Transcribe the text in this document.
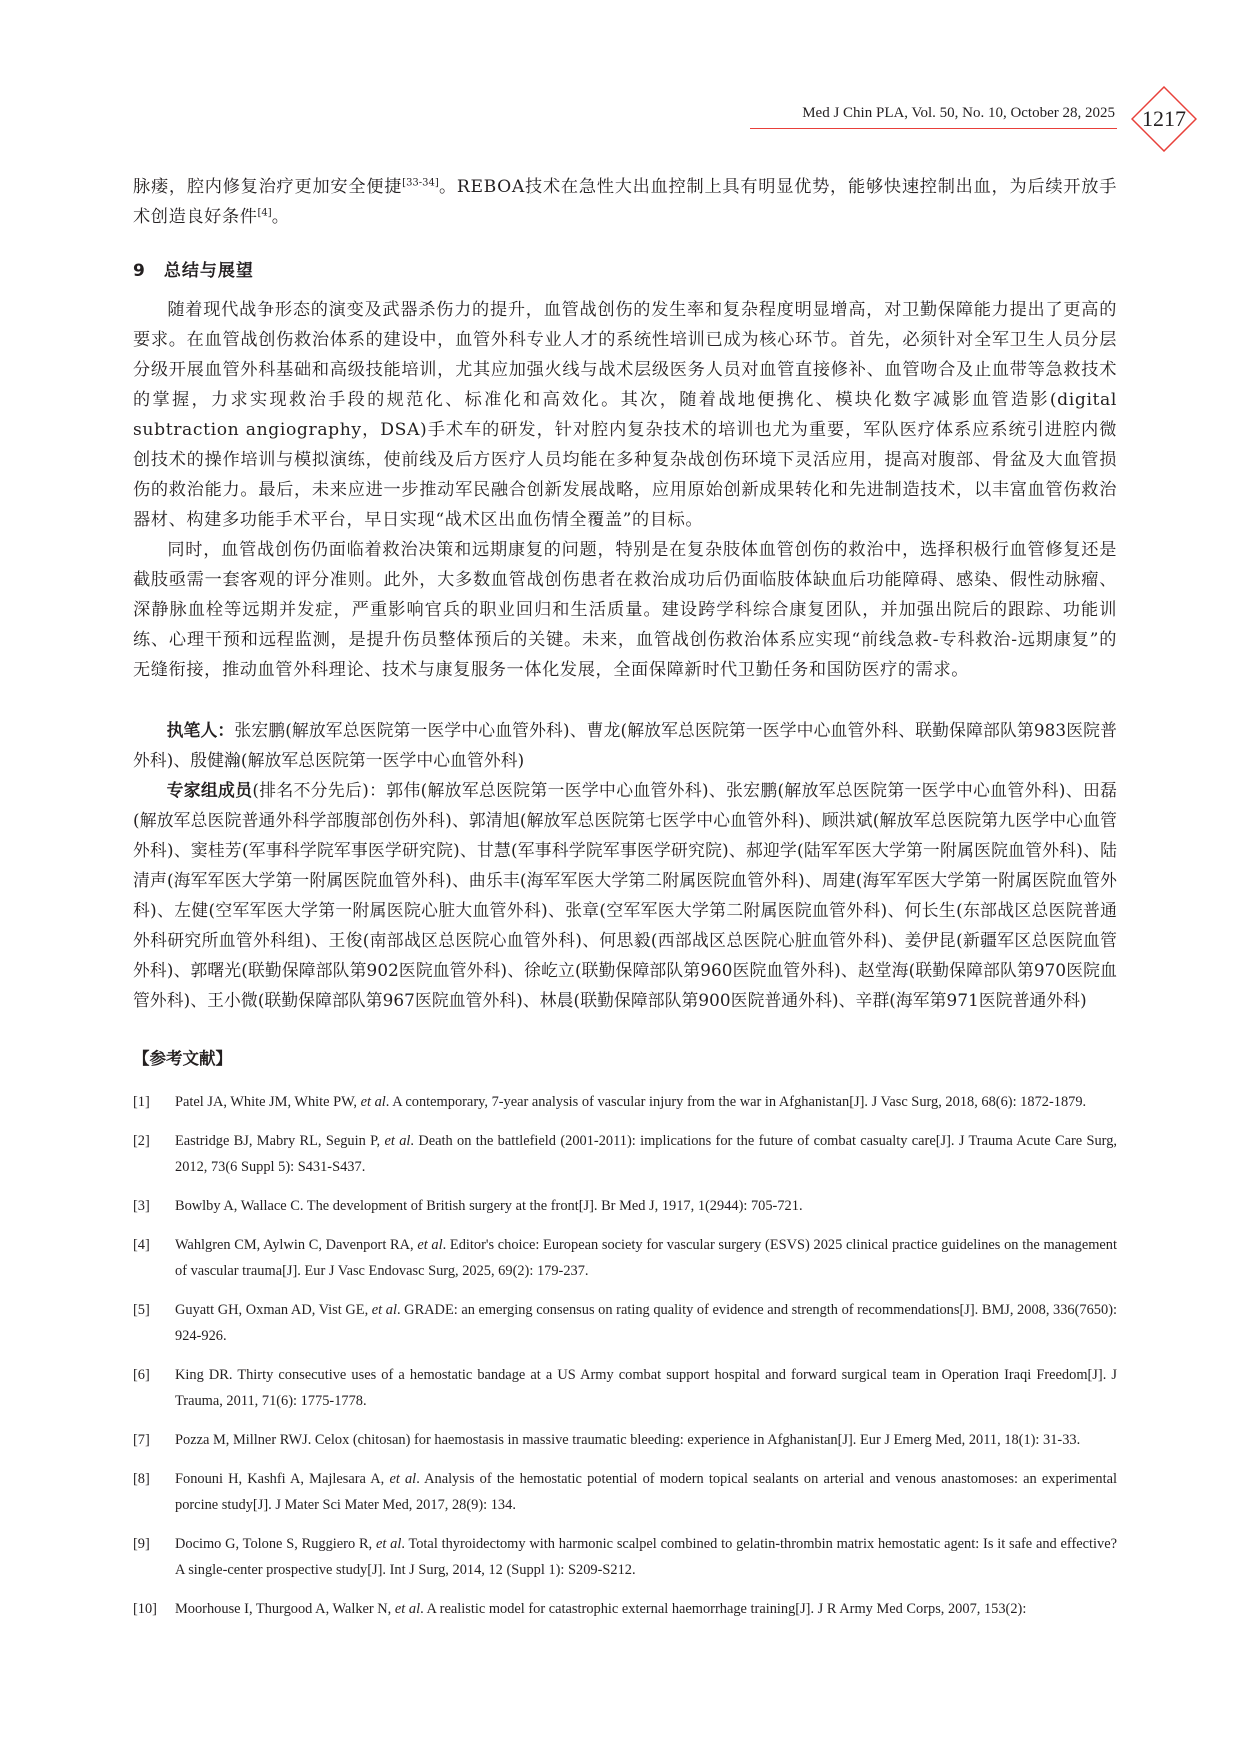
Med J Chin PLA, Vol. 50, No. 10, October 28, 2025	1217

脉瘘，腔内修复治疗更加安全便捷[33-34]。REBOA技术在急性大出血控制上具有明显优势，能够快速控制出血，为后续开放手术创造良好条件[4]。

9　总结与展望

随着现代战争形态的演变及武器杀伤力的提升，血管战创伤的发生率和复杂程度明显增高，对卫勤保障能力提出了更高的要求。在血管战创伤救治体系的建设中，血管外科专业人才的系统性培训已成为核心环节。首先，必须针对全军卫生人员分层分级开展血管外科基础和高级技能培训，尤其应加强火线与战术层级医务人员对血管直接修补、血管吻合及止血带等急救技术的掌握，力求实现救治手段的规范化、标准化和高效化。其次，随着战地便携化、模块化数字减影血管造影(digital subtraction angiography，DSA)手术车的研发，针对腔内复杂技术的培训也尤为重要，军队医疗体系应系统引进腔内微创技术的操作培训与模拟演练，使前线及后方医疗人员均能在多种复杂战创伤环境下灵活应用，提高对腹部、骨盆及大血管损伤的救治能力。最后，未来应进一步推动军民融合创新发展战略，应用原始创新成果转化和先进制造技术，以丰富血管伤救治器材、构建多功能手术平台，早日实现“战术区出血伤情全覆盖”的目标。

同时，血管战创伤仍面临着救治决策和远期康复的问题，特别是在复杂肢体血管创伤的救治中，选择积极行血管修复还是截肢亟需一套客观的评分准则。此外，大多数血管战创伤患者在救治成功后仍面临肢体缺血后功能障碍、感染、假性动脉瘤、深静脉血栓等远期并发症，严重影响官兵的职业回归和生活质量。建设跨学科综合康复团队，并加强出院后的跟踪、功能训练、心理干预和远程监测，是提升伤员整体预后的关键。未来，血管战创伤救治体系应实现“前线急救-专科救治-远期康复”的无缝衔接，推动血管外科理论、技术与康复服务一体化发展，全面保障新时代卫勤任务和国防医疗的需求。

执笔人：张宏鹏(解放军总医院第一医学中心血管外科)、曹龙(解放军总医院第一医学中心血管外科、联勤保障部队第983医院普外科)、殷健瀚(解放军总医院第一医学中心血管外科)

专家组成员(排名不分先后)：郭伟(解放军总医院第一医学中心血管外科)、张宏鹏(解放军总医院第一医学中心血管外科)、田磊(解放军总医院普通外科学部腹部创伤外科)、郭清旭(解放军总医院第七医学中心血管外科)、顾洪斌(解放军总医院第九医学中心血管外科)、窦桂芳(军事科学院军事医学研究院)、甘慧(军事科学院军事医学研究院)、郝迎学(陆军军医大学第一附属医院血管外科)、陆清声(海军军医大学第一附属医院血管外科)、曲乐丰(海军军医大学第二附属医院血管外科)、周建(海军军医大学第一附属医院血管外科)、左健(空军军医大学第一附属医院心脏大血管外科)、张章(空军军医大学第二附属医院血管外科)、何长生(东部战区总医院普通外科研究所血管外科组)、王俊(南部战区总医院心血管外科)、何思毅(西部战区总医院心脏血管外科)、姜伊昆(新疆军区总医院血管外科)、郭曙光(联勤保障部队第902医院血管外科)、徐屹立(联勤保障部队第960医院血管外科)、赵堂海(联勤保障部队第970医院血管外科)、王小微(联勤保障部队第967医院血管外科)、林晨(联勤保障部队第900医院普通外科)、辛群(海军第971医院普通外科)

【参考文献】
[1]	Patel JA, White JM, White PW, et al. A contemporary, 7-year analysis of vascular injury from the war in Afghanistan[J]. J Vasc Surg, 2018, 68(6): 1872-1879.
[2]	Eastridge BJ, Mabry RL, Seguin P, et al. Death on the battlefield (2001-2011): implications for the future of combat casualty care[J]. J Trauma Acute Care Surg, 2012, 73(6 Suppl 5): S431-S437.
[3]	Bowlby A, Wallace C. The development of British surgery at the front[J]. Br Med J, 1917, 1(2944): 705-721.
[4]	Wahlgren CM, Aylwin C, Davenport RA, et al. Editor's choice: European society for vascular surgery (ESVS) 2025 clinical practice guidelines on the management of vascular trauma[J]. Eur J Vasc Endovasc Surg, 2025, 69(2): 179-237.
[5]	Guyatt GH, Oxman AD, Vist GE, et al. GRADE: an emerging consensus on rating quality of evidence and strength of recommendations[J]. BMJ, 2008, 336(7650): 924-926.
[6]	King DR. Thirty consecutive uses of a hemostatic bandage at a US Army combat support hospital and forward surgical team in Operation Iraqi Freedom[J]. J Trauma, 2011, 71(6): 1775-1778.
[7]	Pozza M, Millner RWJ. Celox (chitosan) for haemostasis in massive traumatic bleeding: experience in Afghanistan[J]. Eur J Emerg Med, 2011, 18(1): 31-33.
[8]	Fonouni H, Kashfi A, Majlesara A, et al. Analysis of the hemostatic potential of modern topical sealants on arterial and venous anastomoses: an experimental porcine study[J]. J Mater Sci Mater Med, 2017, 28(9): 134.
[9]	Docimo G, Tolone S, Ruggiero R, et al. Total thyroidectomy with harmonic scalpel combined to gelatin-thrombin matrix hemostatic agent: Is it safe and effective? A single-center prospective study[J]. Int J Surg, 2014, 12 (Suppl 1): S209-S212.
[10]	Moorhouse I, Thurgood A, Walker N, et al. A realistic model for catastrophic external haemorrhage training[J]. J R Army Med Corps, 2007, 153(2):
